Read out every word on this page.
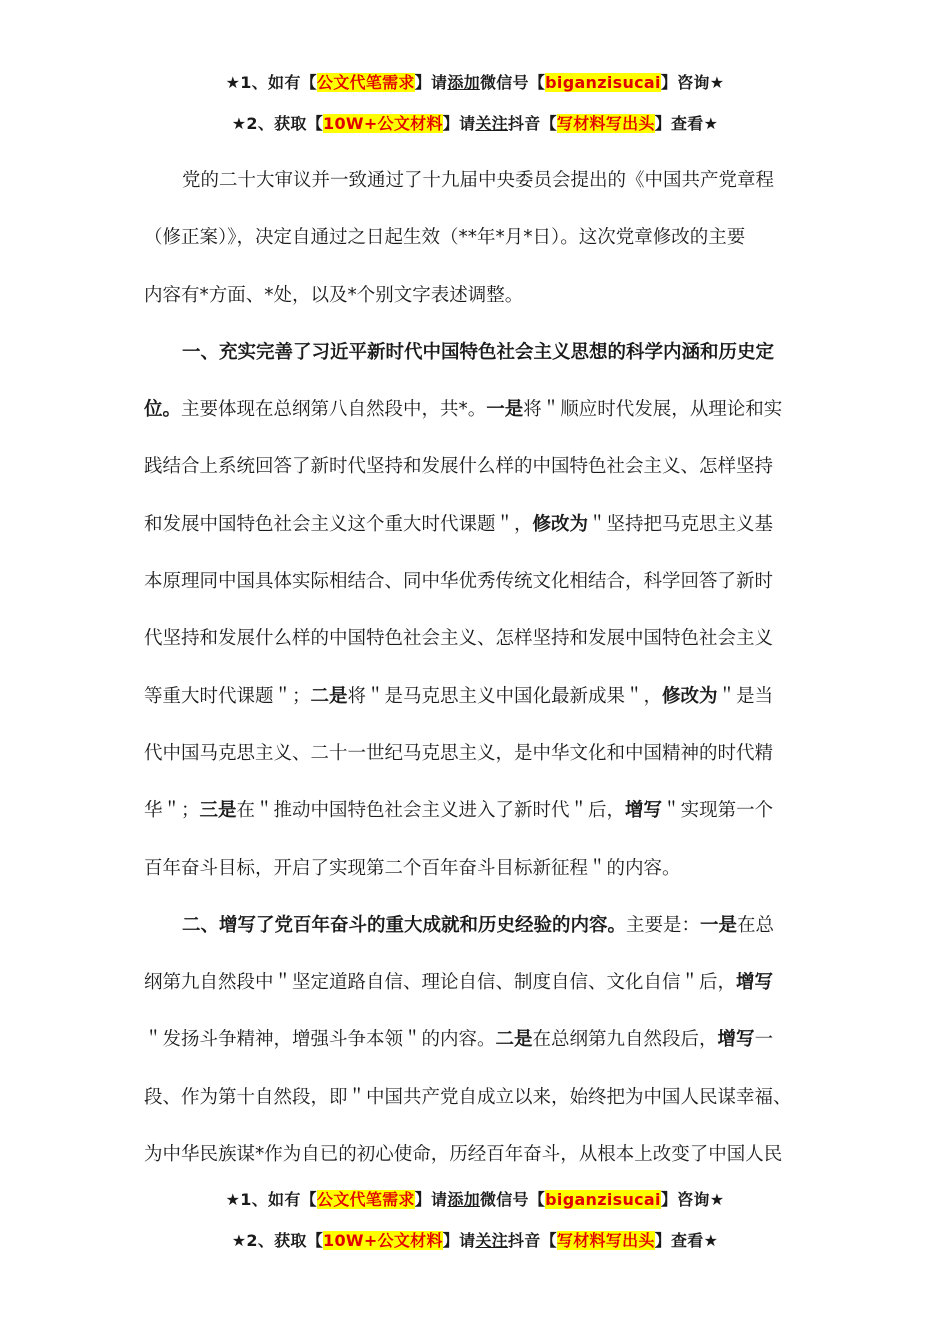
★1、如有【公文代笔需求】请添加微信号【biganzisucai】咨询★
★2、获取【10W+公文材料】请关注抖音【写材料写出头】查看★
党的二十大审议并一致通过了十九届中央委员会提出的《中国共产党章程
（修正案）》，决定自通过之日起生效（**年*月*日）。这次党章修改的主要
内容有*方面、*处，以及*个别文字表述调整。
一、充实完善了习近平新时代中国特色社会主义思想的科学内涵和历史定
位。主要体现在总纲第八自然段中，共*。一是将＂顺应时代发展，从理论和实
践结合上系统回答了新时代坚持和发展什么样的中国特色社会主义、怎样坚持
和发展中国特色社会主义这个重大时代课题＂，修改为＂坚持把马克思主义基
本原理同中国具体实际相结合、同中华优秀传统文化相结合，科学回答了新时
代坚持和发展什么样的中国特色社会主义、怎样坚持和发展中国特色社会主义
等重大时代课题＂；二是将＂是马克思主义中国化最新成果＂，修改为＂是当
代中国马克思主义、二十一世纪马克思主义，是中华文化和中国精神的时代精
华＂；三是在＂推动中国特色社会主义进入了新时代＂后，增写＂实现第一个
百年奋斗目标，开启了实现第二个百年奋斗目标新征程＂的内容。
二、增写了党百年奋斗的重大成就和历史经验的内容。主要是：一是在总
纲第九自然段中＂坚定道路自信、理论自信、制度自信、文化自信＂后，增写
＂发扬斗争精神，增强斗争本领＂的内容。二是在总纲第九自然段后，增写一
段、作为第十自然段，即＂中国共产党自成立以来，始终把为中国人民谋幸福、
为中华民族谋*作为自已的初心使命，历经百年奋斗，从根本上改变了中国人民
★1、如有【公文代笔需求】请添加微信号【biganzisucai】咨询★
★2、获取【10W+公文材料】请关注抖音【写材料写出头】查看★
